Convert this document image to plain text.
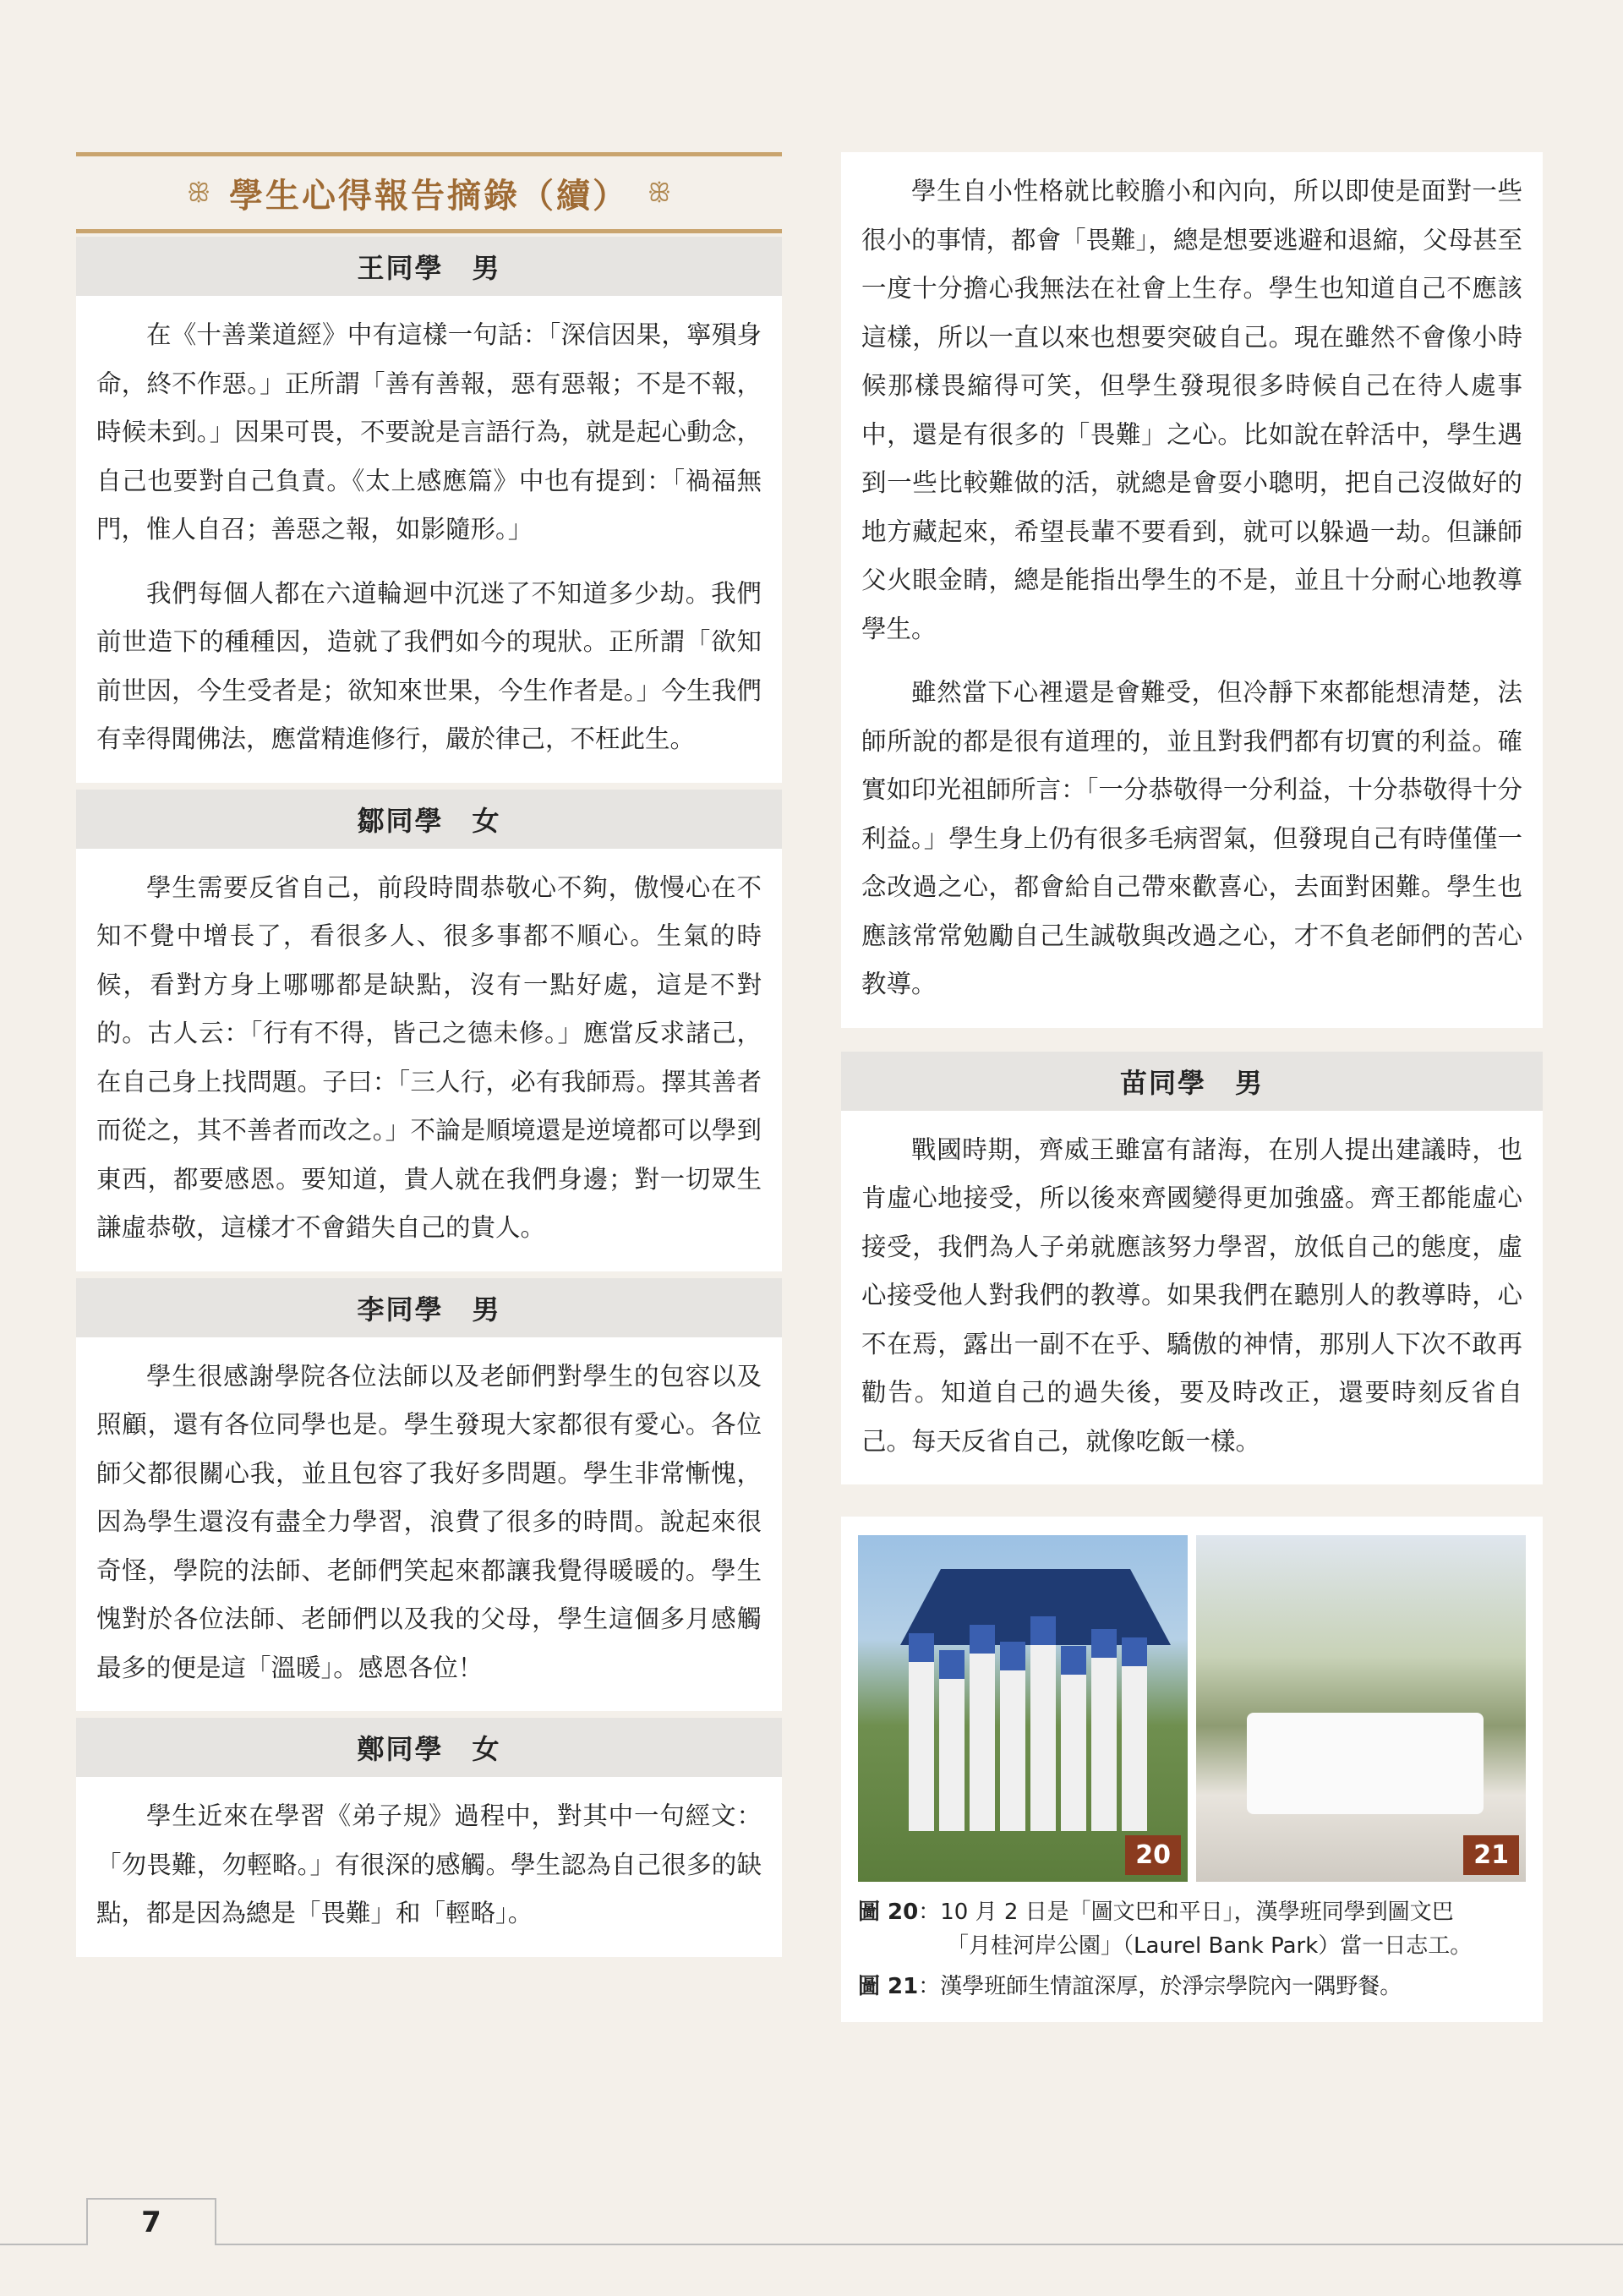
ꕥ 學生心得報告摘錄（續） ꕥ
王同學　男

在《十善業道經》中有這樣一句話：「深信因果，寧殞身命，終不作惡。」正所謂「善有善報，惡有惡報；不是不報，時候未到。」因果可畏，不要說是言語行為，就是起心動念，自己也要對自己負責。《太上感應篇》中也有提到：「禍福無門，惟人自召；善惡之報，如影隨形。」

我們每個人都在六道輪迴中沉迷了不知道多少劫。我們前世造下的種種因，造就了我們如今的現狀。正所謂「欲知前世因，今生受者是；欲知來世果，今生作者是。」今生我們有幸得聞佛法，應當精進修行，嚴於律己，不枉此生。

鄒同學　女

學生需要反省自己，前段時間恭敬心不夠，傲慢心在不知不覺中增長了，看很多人、很多事都不順心。生氣的時候，看對方身上哪哪都是缺點，沒有一點好處，這是不對的。古人云：「行有不得，皆己之德未修。」應當反求諸己，在自己身上找問題。子曰：「三人行，必有我師焉。擇其善者而從之，其不善者而改之。」不論是順境還是逆境都可以學到東西，都要感恩。要知道，貴人就在我們身邊；對一切眾生謙虛恭敬，這樣才不會錯失自己的貴人。

李同學　男

學生很感謝學院各位法師以及老師們對學生的包容以及照顧，還有各位同學也是。學生發現大家都很有愛心。各位師父都很關心我，並且包容了我好多問題。學生非常慚愧，因為學生還沒有盡全力學習，浪費了很多的時間。說起來很奇怪，學院的法師、老師們笑起來都讓我覺得暖暖的。學生愧對於各位法師、老師們以及我的父母，學生這個多月感觸最多的便是這「溫暖」。感恩各位！

鄭同學　女

學生近來在學習《弟子規》過程中，對其中一句經文：「勿畏難，勿輕略。」有很深的感觸。學生認為自己很多的缺點，都是因為總是「畏難」和「輕略」。

學生自小性格就比較膽小和內向，所以即使是面對一些很小的事情，都會「畏難」，總是想要逃避和退縮，父母甚至一度十分擔心我無法在社會上生存。學生也知道自己不應該這樣，所以一直以來也想要突破自己。現在雖然不會像小時候那樣畏縮得可笑，但學生發現很多時候自己在待人處事中，還是有很多的「畏難」之心。比如說在幹活中，學生遇到一些比較難做的活，就總是會耍小聰明，把自己沒做好的地方藏起來，希望長輩不要看到，就可以躲過一劫。但謙師父火眼金睛，總是能指出學生的不是，並且十分耐心地教導學生。

雖然當下心裡還是會難受，但冷靜下來都能想清楚，法師所說的都是很有道理的，並且對我們都有切實的利益。確實如印光祖師所言：「一分恭敬得一分利益，十分恭敬得十分利益。」學生身上仍有很多毛病習氣，但發現自己有時僅僅一念改過之心，都會給自己帶來歡喜心，去面對困難。學生也應該常常勉勵自己生誠敬與改過之心，才不負老師們的苦心教導。

苗同學　男

戰國時期，齊威王雖富有諸海，在別人提出建議時，也肯虛心地接受，所以後來齊國變得更加強盛。齊王都能虛心接受，我們為人子弟就應該努力學習，放低自己的態度，虛心接受他人對我們的教導。如果我們在聽別人的教導時，心不在焉，露出一副不在乎、驕傲的神情，那別人下次不敢再勸告。知道自己的過失後，要及時改正，還要時刻反省自己。每天反省自己，就像吃飯一樣。

20	21
圖 20：10 月 2 日是「圖文巴和平日」，漢學班同學到圖文巴
「月桂河岸公園」（Laurel Bank Park）當一日志工。
圖 21：漢學班師生情誼深厚，於淨宗學院內一隅野餐。
7
